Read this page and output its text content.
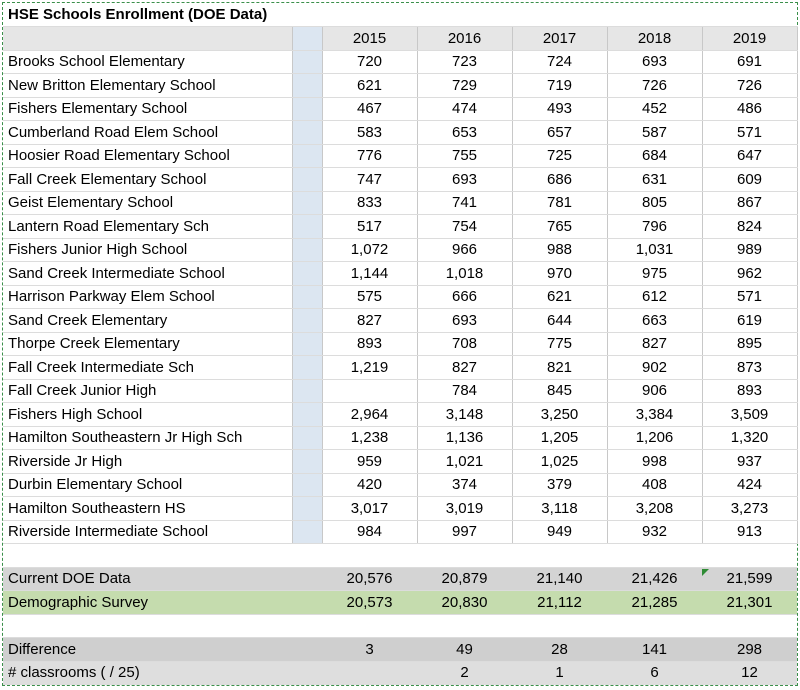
HSE Schools Enrollment (DOE Data)						
		2015	2016	2017	2018	2019
Brooks School Elementary		720	723	724	693	691
New Britton Elementary School		621	729	719	726	726
Fishers Elementary School		467	474	493	452	486
Cumberland Road Elem School		583	653	657	587	571
Hoosier Road Elementary School		776	755	725	684	647
Fall Creek Elementary School		747	693	686	631	609
Geist Elementary School		833	741	781	805	867
Lantern Road Elementary Sch		517	754	765	796	824
Fishers Junior High School		1,072	966	988	1,031	989
Sand Creek Intermediate School		1,144	1,018	970	975	962
Harrison Parkway Elem School		575	666	621	612	571
Sand Creek Elementary		827	693	644	663	619
Thorpe Creek Elementary		893	708	775	827	895
Fall Creek Intermediate Sch		1,219	827	821	902	873
Fall Creek Junior High			784	845	906	893
Fishers High School		2,964	3,148	3,250	3,384	3,509
Hamilton Southeastern Jr High Sch		1,238	1,136	1,205	1,206	1,320
Riverside Jr High		959	1,021	1,025	998	937
Durbin Elementary School		420	374	379	408	424
Hamilton Southeastern HS		3,017	3,019	3,118	3,208	3,273
Riverside Intermediate School		984	997	949	932	913

Current DOE Data		20,576	20,879	21,140	21,426	21,599
Demographic Survey		20,573	20,830	21,112	21,285	21,301

Difference		3	49	28	141	298
# classrooms ( / 25)			2	1	6	12
